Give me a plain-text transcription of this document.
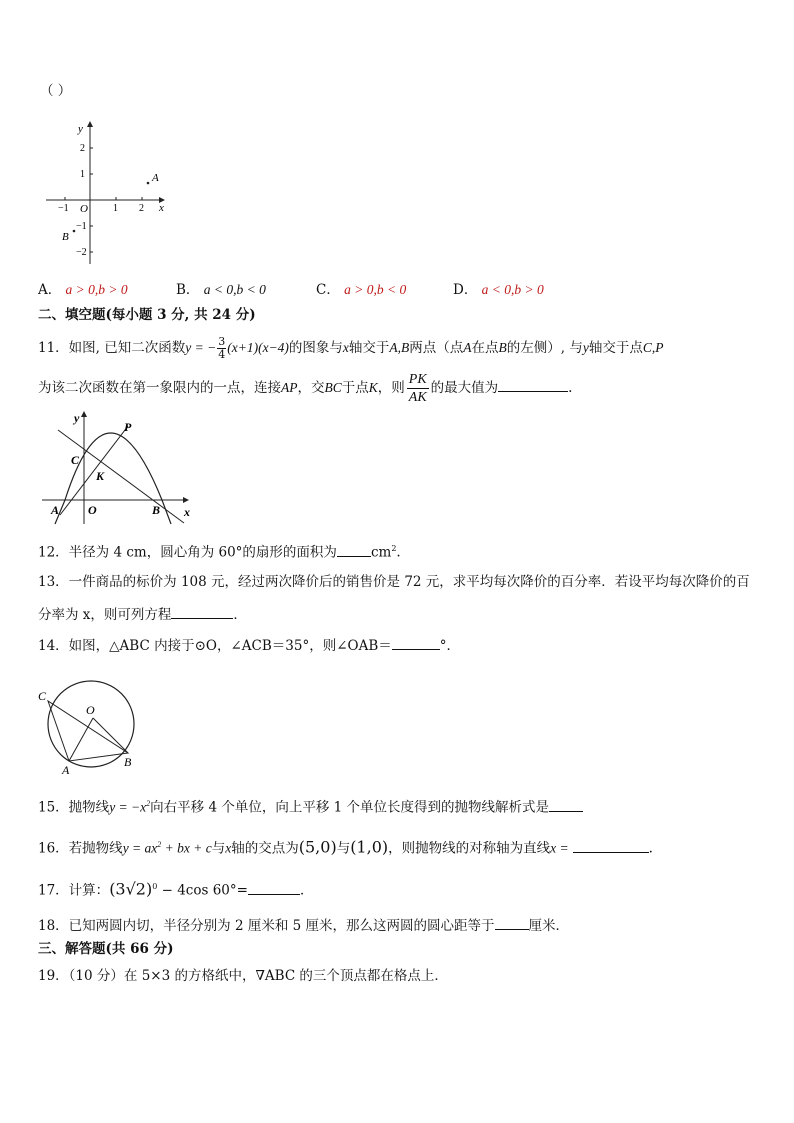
（ ）
y
x
O
−1	1 2
2
1
−1
−2
A
B
A． a > 0,b > 0	B． a < 0,b < 0	C． a > 0,b < 0	D． a < 0,b > 0
二、填空题(每小题 3 分, 共 24 分)
11．如图, 已知二次函数y = − $\frac{3}{4} (x+1)(x-4)$的图象与x轴交于A,B两点（点A在点B的左侧）, 与y轴交于点C,P
为该二次函数在第一象限内的一点，连接AP，交BC于点K，则 $\frac{PK}{AK}$ 的最大值为	.
y
x
P
C
K
A O	B
12．半径为 4 cm，圆心角为 60°的扇形的面积为	$cm^2$.
13．一件商品的标价为 108 元，经过两次降价后的销售价是 72 元，求平均每次降价的百分率．若设平均每次降价的百
分率为 x，则可列方程	．
14．如图，△ABC 内接于⊙O，∠ACB＝35°，则∠OAB＝	°．
C
O
A
B
15．抛物线$y = -x^2$向右平移 4 个单位，向上平移 1 个单位长度得到的抛物线解析式是
16．若抛物线$y = ax^2$ + bx + c与x轴的交点为(5,0)与(1,0)，则抛物线的对称轴为直线x =	.
17．计算：$(3√2)^0 - 4\cos$ 60°=	．
18．已知两圆内切，半径分别为 2 厘米和 5 厘米，那么这两圆的圆心距等于	厘米．
三、解答题(共 66 分)
19．（10 分）在 5×3 的方格纸中，∇ABC 的三个顶点都在格点上．
